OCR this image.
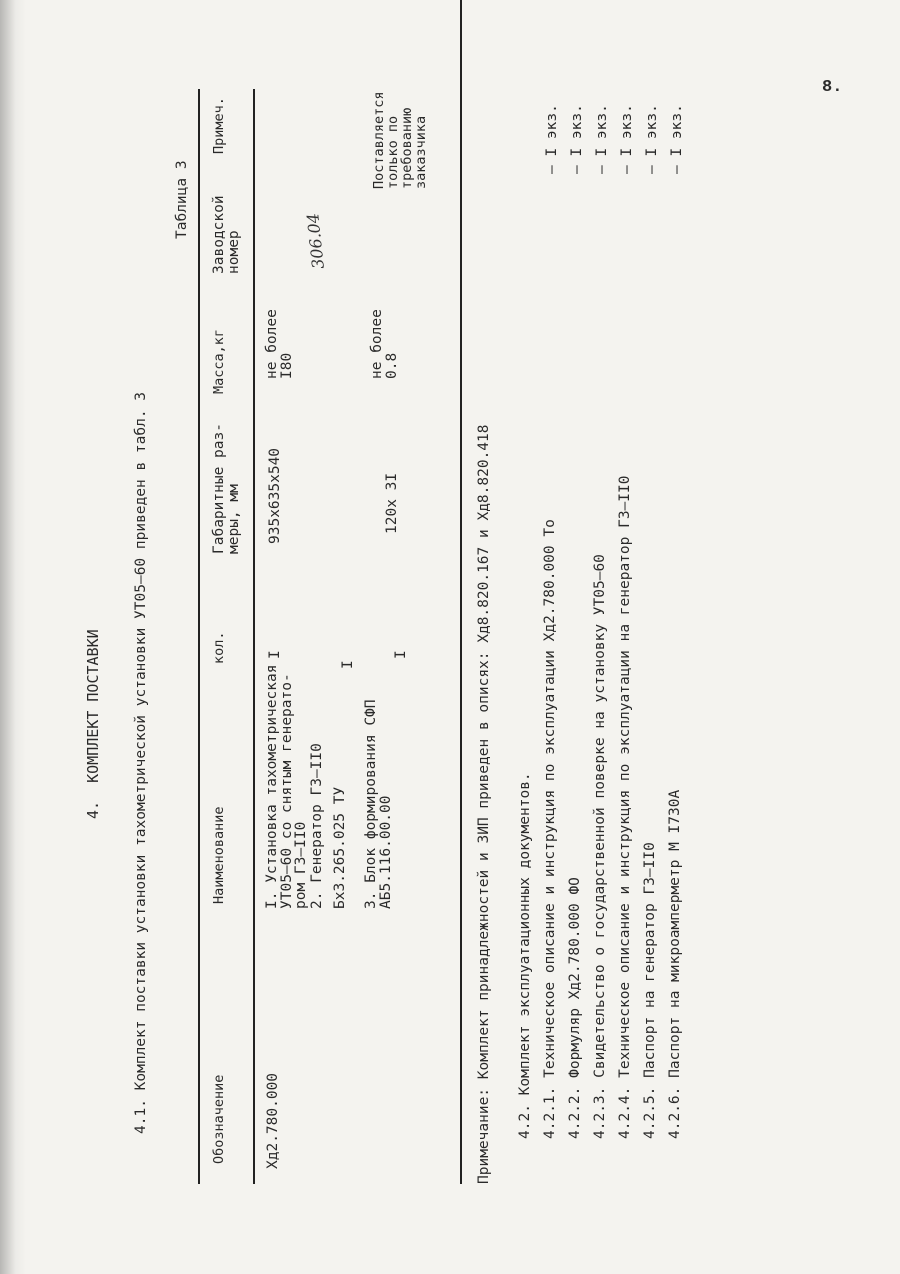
8.
4.  КОМПЛЕКТ ПОСТАВКИ 4.1. Комплект поставки установки тахометрической установки УТ05–60 приведен в табл. 3
Таблица 3
Обозначение
Наименование
кол.
Габаритные раз-
меры, мм
Масса,кг
Заводской
номер
Примеч.
Хд2.780.000
I. Установка тахометрическая
УТ05–60 со снятым генерато-
ром Г3–II0
I
935х635х540
не более
I80
2. Генератор Г3–II0 Бх3.265.025 ТУ
I
3. Блок формирования СФП
АБ5.116.00.00
I
120х 3I
не более
0.8
Поставляется
только по
требованию
заказчика
306.04
Примечание: Комплект принадлежностей и ЗИП приведен в описях: Хд8.820.167 и Хд8.820.418 4.2. Комплект эксплуатационных документов. 4.2.1. Техническое описание и инструкция по эксплуатации Хд2.780.000 То
– I экз.
4.2.2. Формуляр Хд2.780.000 ФО
– I экз.
4.2.3. Свидетельство о государственной поверке на установку УТ05–60
– I экз.
4.2.4. Техническое описание и инструкция по эксплуатации на генератор Г3–II0
– I экз.
4.2.5. Паспорт на генератор Г3–II0
– I экз.
4.2.6. Паспорт на микроамперметр М I730А
– I экз.
